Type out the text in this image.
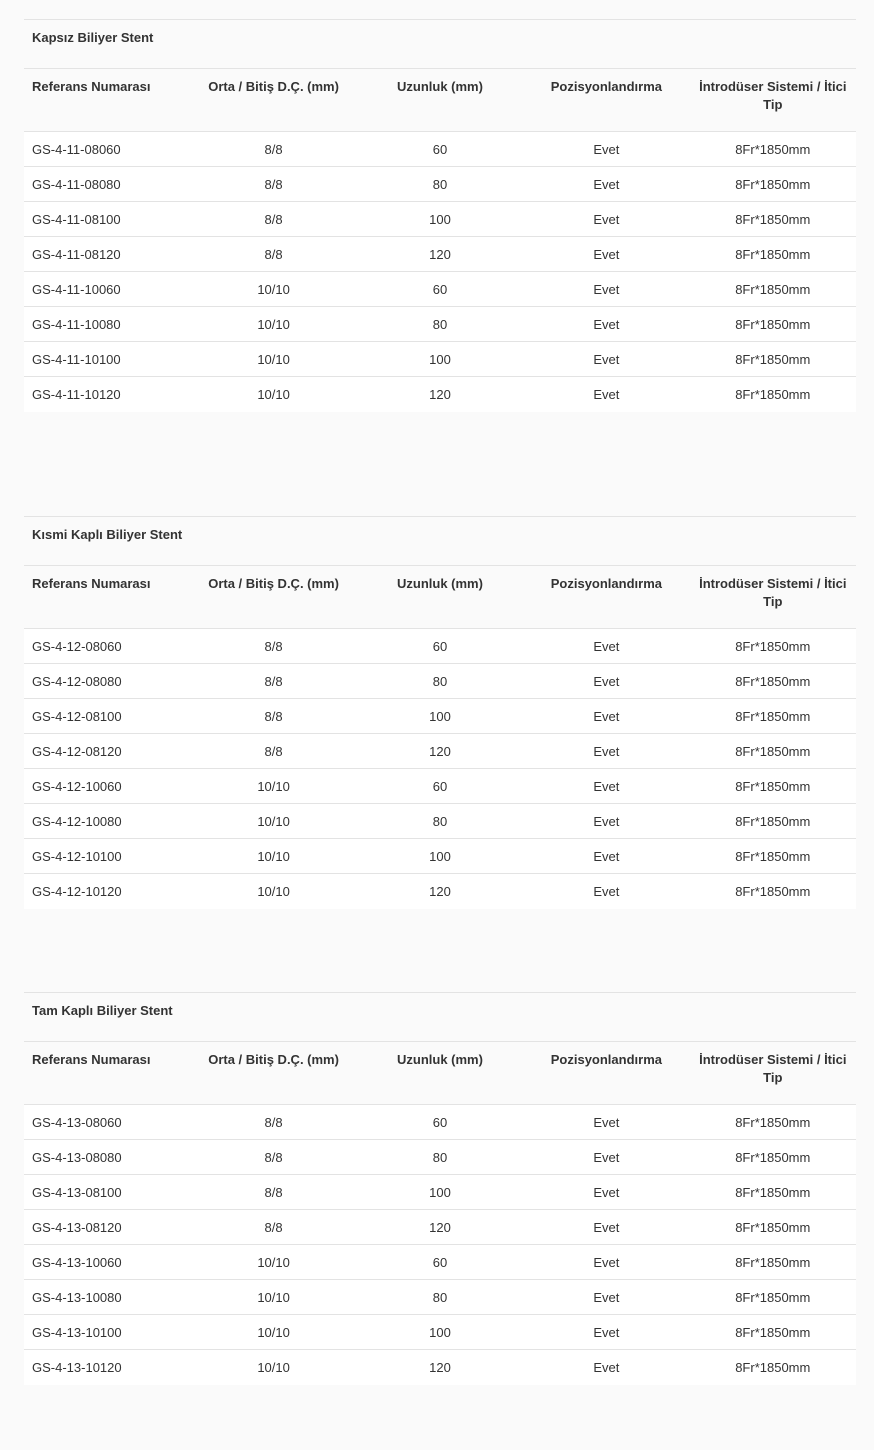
Kapsız Biliyer Stent				
Referans Numarası	Orta / Bitiş D.Ç. (mm)	Uzunluk (mm)	Pozisyonlandırma	İntrodüser Sistemi / İtici Tip
GS-4-11-08060	8/8	60	Evet	8Fr*1850mm
GS-4-11-08080	8/8	80	Evet	8Fr*1850mm
GS-4-11-08100	8/8	100	Evet	8Fr*1850mm
GS-4-11-08120	8/8	120	Evet	8Fr*1850mm
GS-4-11-10060	10/10	60	Evet	8Fr*1850mm
GS-4-11-10080	10/10	80	Evet	8Fr*1850mm
GS-4-11-10100	10/10	100	Evet	8Fr*1850mm
GS-4-11-10120	10/10	120	Evet	8Fr*1850mm
Kısmi Kaplı Biliyer Stent				
Referans Numarası	Orta / Bitiş D.Ç. (mm)	Uzunluk (mm)	Pozisyonlandırma	İntrodüser Sistemi / İtici Tip
GS-4-12-08060	8/8	60	Evet	8Fr*1850mm
GS-4-12-08080	8/8	80	Evet	8Fr*1850mm
GS-4-12-08100	8/8	100	Evet	8Fr*1850mm
GS-4-12-08120	8/8	120	Evet	8Fr*1850mm
GS-4-12-10060	10/10	60	Evet	8Fr*1850mm
GS-4-12-10080	10/10	80	Evet	8Fr*1850mm
GS-4-12-10100	10/10	100	Evet	8Fr*1850mm
GS-4-12-10120	10/10	120	Evet	8Fr*1850mm
Tam Kaplı Biliyer Stent				
Referans Numarası	Orta / Bitiş D.Ç. (mm)	Uzunluk (mm)	Pozisyonlandırma	İntrodüser Sistemi / İtici Tip
GS-4-13-08060	8/8	60	Evet	8Fr*1850mm
GS-4-13-08080	8/8	80	Evet	8Fr*1850mm
GS-4-13-08100	8/8	100	Evet	8Fr*1850mm
GS-4-13-08120	8/8	120	Evet	8Fr*1850mm
GS-4-13-10060	10/10	60	Evet	8Fr*1850mm
GS-4-13-10080	10/10	80	Evet	8Fr*1850mm
GS-4-13-10100	10/10	100	Evet	8Fr*1850mm
GS-4-13-10120	10/10	120	Evet	8Fr*1850mm
